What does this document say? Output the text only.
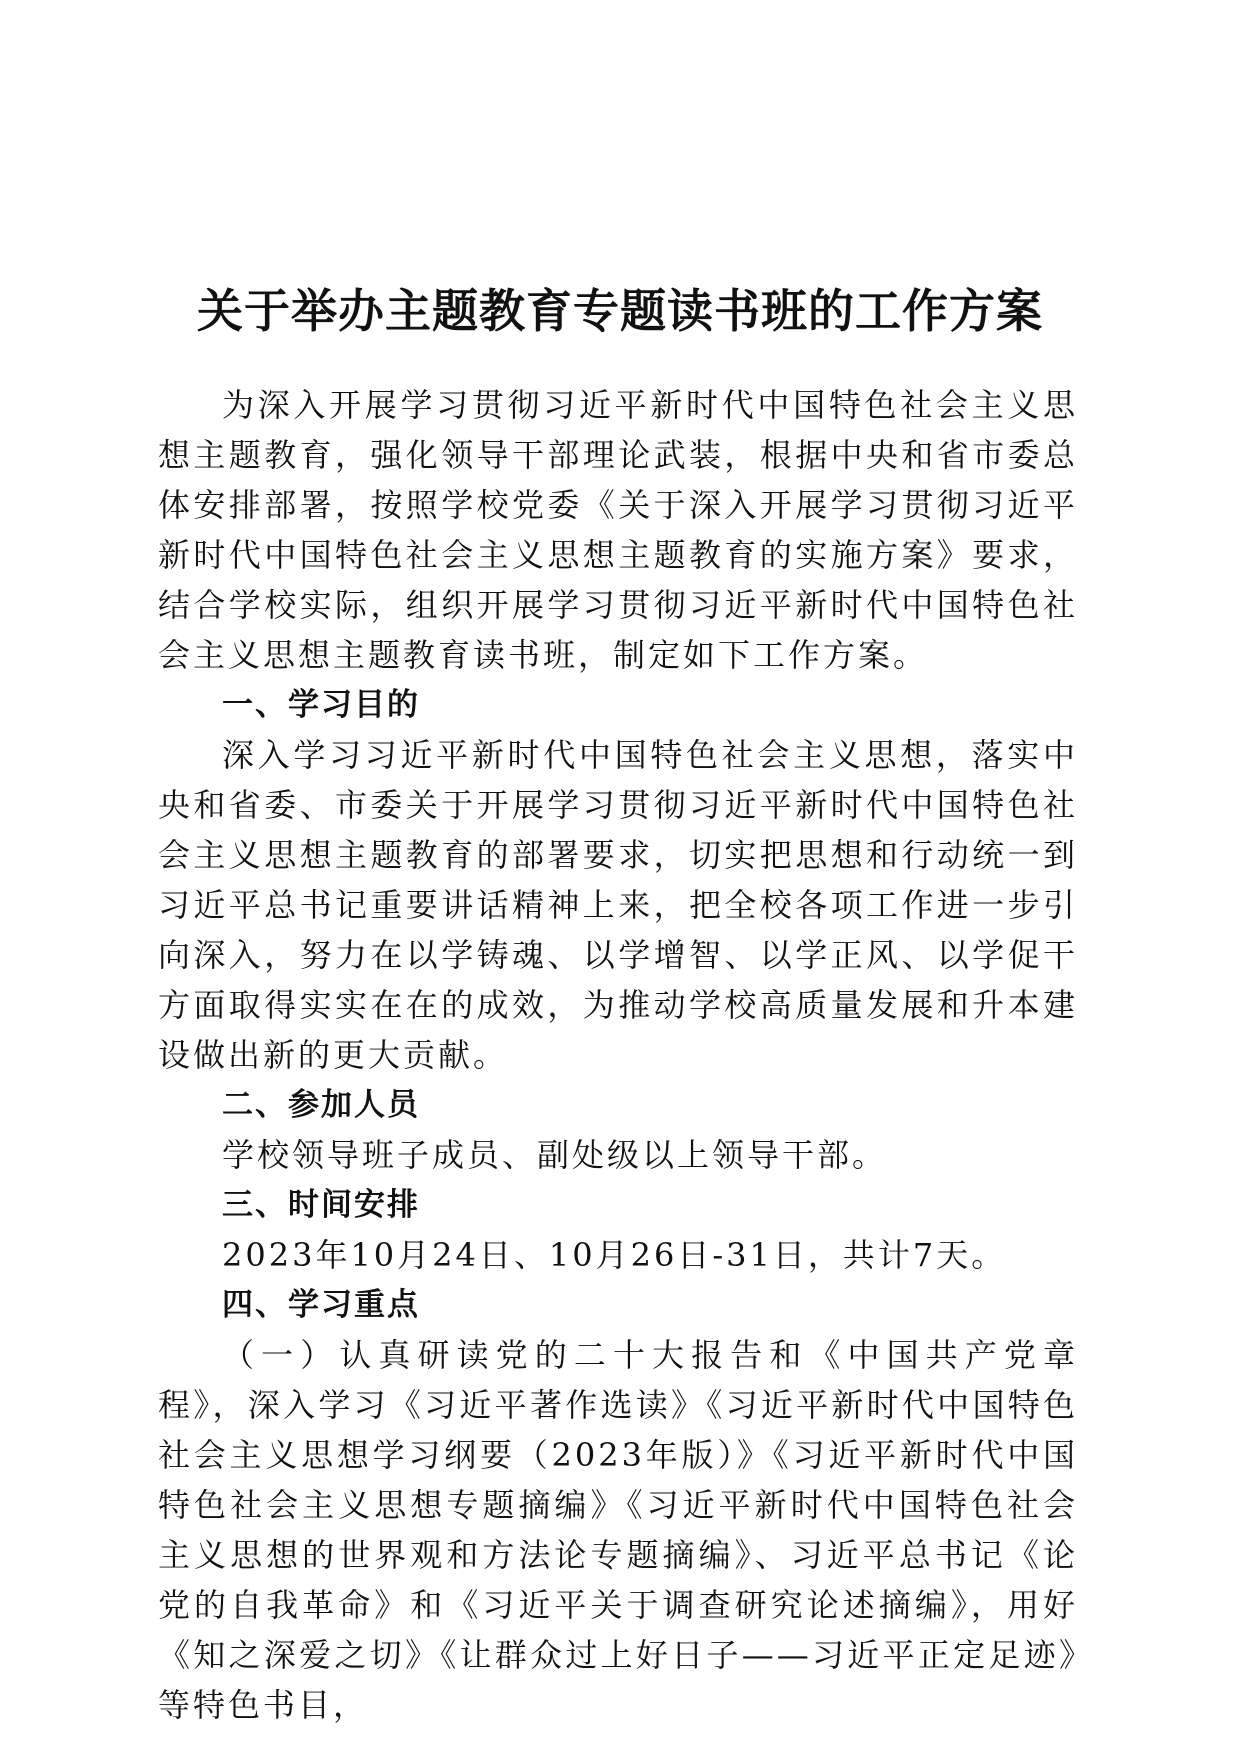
关于举办主题教育专题读书班的工作方案

为深入开展学习贯彻习近平新时代中国特色社会主义思想主题教育，强化领导干部理论武装，根据中央和省市委总体安排部署，按照学校党委《关于深入开展学习贯彻习近平新时代中国特色社会主义思想主题教育的实施方案》要求，结合学校实际，组织开展学习贯彻习近平新时代中国特色社会主义思想主题教育读书班，制定如下工作方案。

一、学习目的

深入学习习近平新时代中国特色社会主义思想，落实中央和省委、市委关于开展学习贯彻习近平新时代中国特色社会主义思想主题教育的部署要求，切实把思想和行动统一到习近平总书记重要讲话精神上来，把全校各项工作进一步引向深入，努力在以学铸魂、以学增智、以学正风、以学促干方面取得实实在在的成效，为推动学校高质量发展和升本建设做出新的更大贡献。

二、参加人员

学校领导班子成员、副处级以上领导干部。

三、时间安排

2023年10月24日、10月26日-31日，共计7天。

四、学习重点

（一）认真研读党的二十大报告和《中国共产党章程》，深入学习《习近平著作选读》《习近平新时代中国特色社会主义思想学习纲要（2023年版）》《习近平新时代中国特色社会主义思想专题摘编》《习近平新时代中国特色社会主义思想的世界观和方法论专题摘编》、习近平总书记《论党的自我革命》和《习近平关于调查研究论述摘编》，用好《知之深爱之切》《让群众过上好日子——习近平正定足迹》等特色书目，
